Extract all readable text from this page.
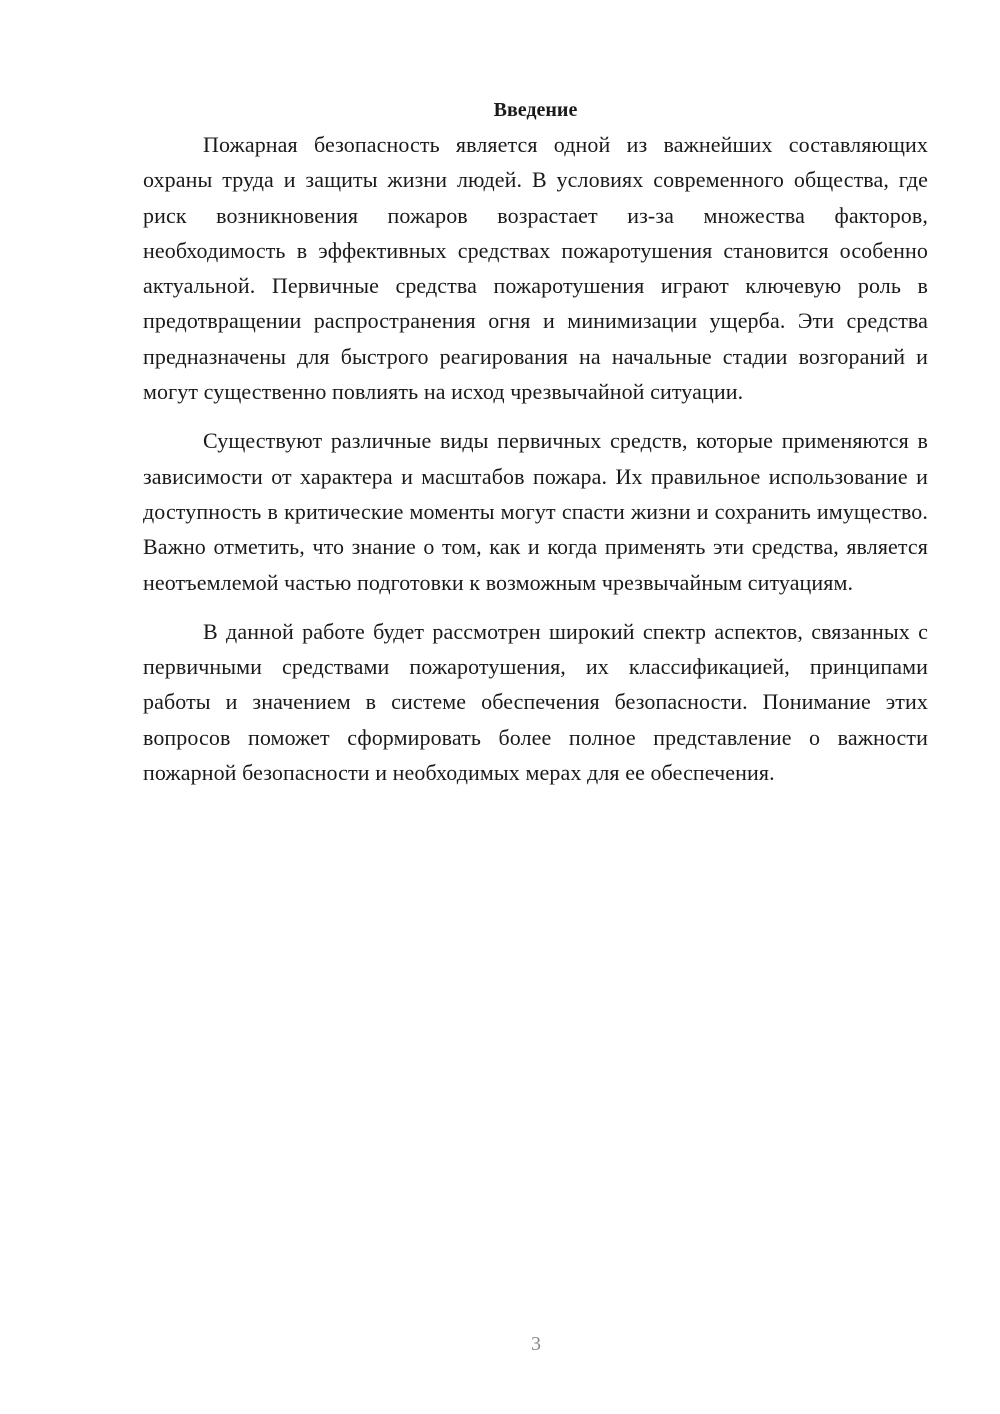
Введение

Пожарная безопасность является одной из важнейших составляющих охраны труда и защиты жизни людей. В условиях современного общества, где риск возникновения пожаров возрастает из-за множества факторов, необходимость в эффективных средствах пожаротушения становится особенно актуальной. Первичные средства пожаротушения играют ключевую роль в предотвращении распространения огня и минимизации ущерба. Эти средства предназначены для быстрого реагирования на начальные стадии возгораний и могут существенно повлиять на исход чрезвычайной ситуации.

Существуют различные виды первичных средств, которые применяются в зависимости от характера и масштабов пожара. Их правильное использование и доступность в критические моменты могут спасти жизни и сохранить имущество. Важно отметить, что знание о том, как и когда применять эти средства, является неотъемлемой частью подготовки к возможным чрезвычайным ситуациям.

В данной работе будет рассмотрен широкий спектр аспектов, связанных с первичными средствами пожаротушения, их классификацией, принципами работы и значением в системе обеспечения безопасности. Понимание этих вопросов поможет сформировать более полное представление о важности пожарной безопасности и необходимых мерах для ее обеспечения.

3
